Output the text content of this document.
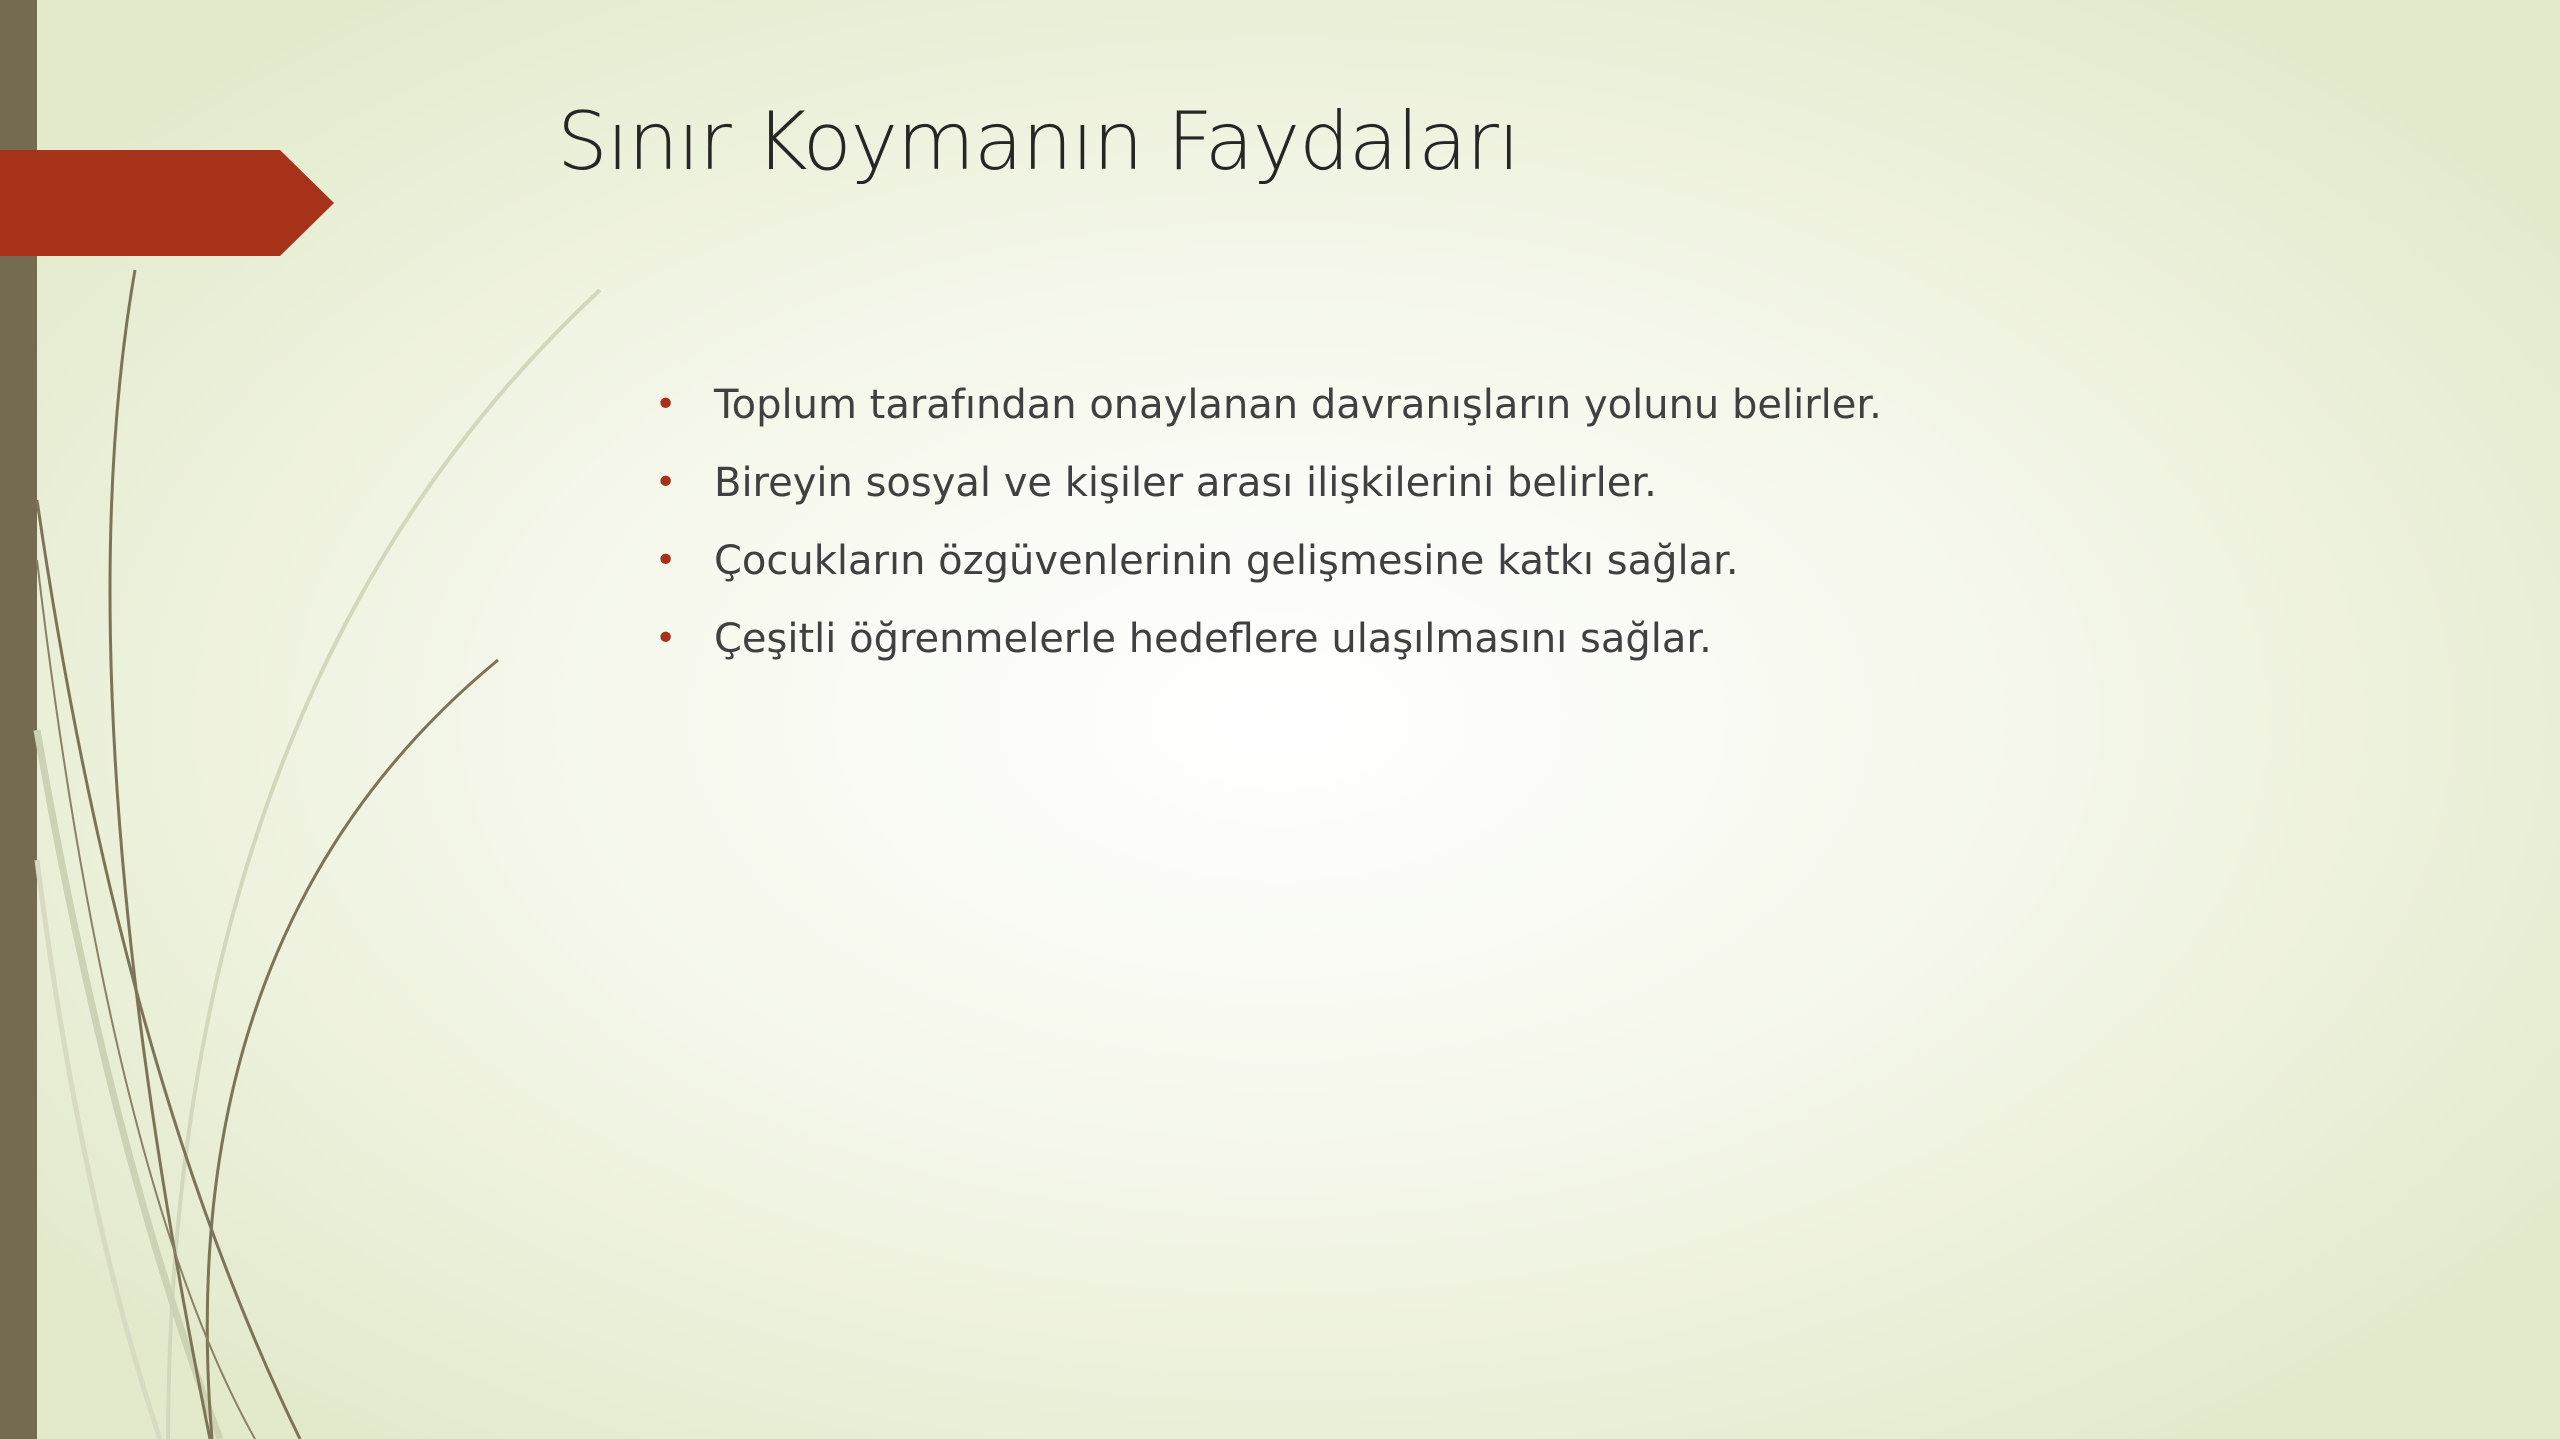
Sınır Koymanın Faydaları
• Toplum tarafından onaylanan davranışların yolunu belirler.
• Bireyin sosyal ve kişiler arası ilişkilerini belirler.
• Çocukların özgüvenlerinin gelişmesine katkı sağlar.
• Çeşitli öğrenmelerle hedeflere ulaşılmasını sağlar.
